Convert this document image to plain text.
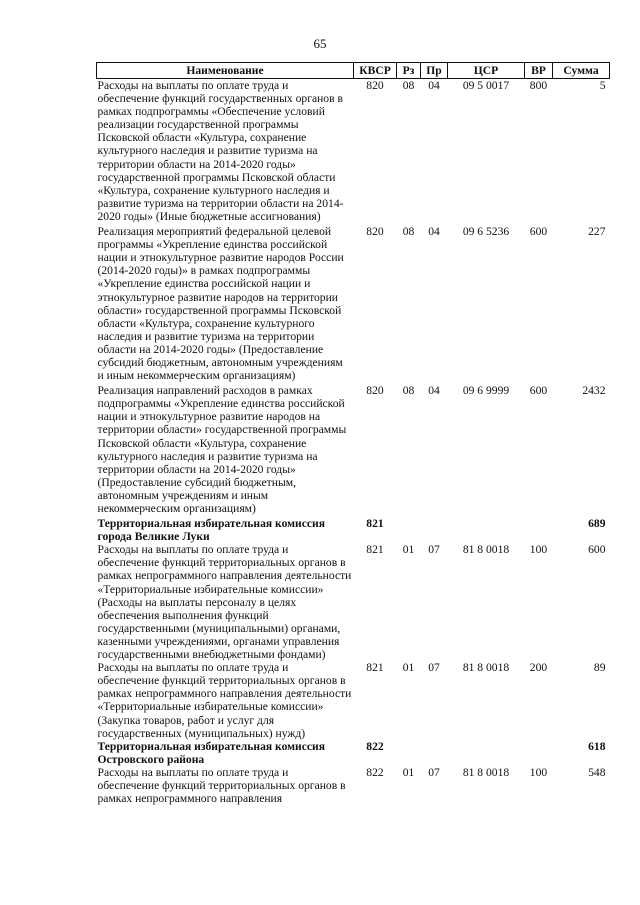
65
Наименование	КВСР	Рз	Пр	ЦСР	ВР	Сумма
Расходы на выплаты по оплате труда и обеспечение функций государственных органов в рамках подпрограммы «Обеспечение условий реализации государственной программы Псковской области «Культура, сохранение культурного наследия и развитие туризма на территории области на 2014-2020 годы» государственной программы Псковской области «Культура, сохранение культурного наследия и развитие туризма на территории области на 2014-2020 годы» (Иные бюджетные ассигнования)	820	08	04	09 5 0017	800	5
Реализация мероприятий федеральной целевой программы «Укрепление единства российской нации и этнокультурное развитие народов России (2014-2020 годы)» в рамках подпрограммы «Укрепление единства российской нации и этнокультурное развитие народов на территории области» государственной программы Псковской области «Культура, сохранение культурного наследия и развитие туризма на территории области на 2014-2020 годы» (Предоставление субсидий бюджетным, автономным учреждениям и иным некоммерческим организациям)	820	08	04	09 6 5236	600	227
Реализация направлений расходов в рамках подпрограммы «Укрепление единства российской нации и этнокультурное развитие народов на территории области» государственной программы Псковской области «Культура, сохранение культурного наследия и развитие туризма на территории области на 2014-2020 годы» (Предоставление субсидий бюджетным, автономным учреждениям и иным некоммерческим организациям)	820	08	04	09 6 9999	600	2432
Территориальная избирательная комиссия города Великие Луки	821					689
Расходы на выплаты по оплате труда и обеспечение функций территориальных органов в рамках непрограммного направления деятельности «Территориальные избирательные комиссии» (Расходы на выплаты персоналу в целях обеспечения выполнения функций государственными (муниципальными) органами, казенными учреждениями, органами управления государственными внебюджетными фондами)	821	01	07	81 8 0018	100	600
Расходы на выплаты по оплате труда и обеспечение функций территориальных органов в рамках непрограммного направления деятельности «Территориальные избирательные комиссии» (Закупка товаров, работ и услуг для государственных (муниципальных) нужд)	821	01	07	81 8 0018	200	89
Территориальная избирательная комиссия Островского района	822					618
Расходы на выплаты по оплате труда и обеспечение функций территориальных органов в рамках непрограммного направления	822	01	07	81 8 0018	100	548
